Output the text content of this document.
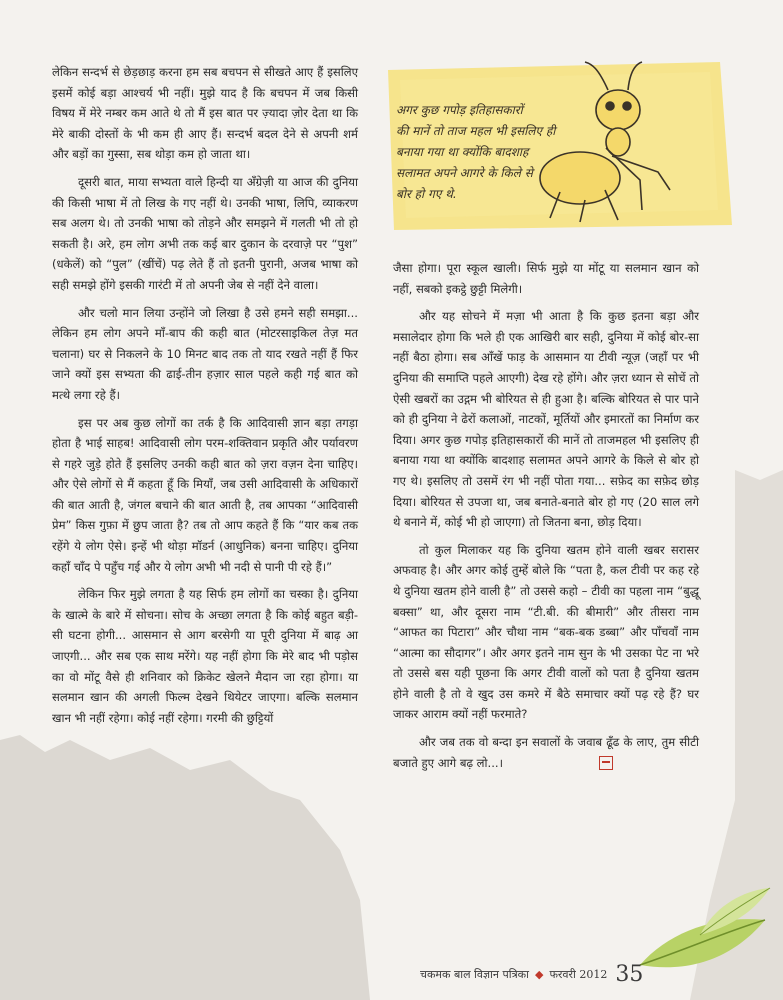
अगर कुछ गपोड़ इतिहासकारों
की मानें तो ताज महल भी इसलिए ही
बनाया गया था क्योंकि बादशाह
सलामत अपने आगरे के किले से
बोर हो गए थे.

लेकिन सन्दर्भ से छेड़छाड़ करना हम सब बचपन से सीखते आए हैं इसलिए इसमें कोई बड़ा आश्चर्य भी नहीं। मुझे याद है कि बचपन में जब किसी विषय में मेरे नम्बर कम आते थे तो मैं इस बात पर ज़्यादा ज़ोर देता था कि मेरे बाकी दोस्तों के भी कम ही आए हैं। सन्दर्भ बदल देने से अपनी शर्म और बड़ों का गुस्सा, सब थोड़ा कम हो जाता था।

दूसरी बात, माया सभ्यता वाले हिन्दी या अँग्रेज़ी या आज की दुनिया की किसी भाषा में तो लिख के गए नहीं थे। उनकी भाषा, लिपि, व्याकरण सब अलग थे। तो उनकी भाषा को तोड़ने और समझने में गलती भी तो हो सकती है। अरे, हम लोग अभी तक कई बार दुकान के दरवाज़े पर “पुश” (धकेलें) को “पुल” (खींचें) पढ़ लेते हैं तो इतनी पुरानी, अजब भाषा को सही समझे होंगे इसकी गारंटी में तो अपनी जेब से नहीं देने वाला।

और चलो मान लिया उन्होंने जो लिखा है उसे हमने सही समझा... लेकिन हम लोग अपने माँ-बाप की कही बात (मोटरसाइकिल तेज़ मत चलाना) घर से निकलने के 10 मिनट बाद तक तो याद रखते नहीं हैं फिर जाने क्यों इस सभ्यता की ढाई-तीन हज़ार साल पहले कही गई बात को मत्थे लगा रहे हैं।

इस पर अब कुछ लोगों का तर्क है कि आदिवासी ज्ञान बड़ा तगड़ा होता है भाई साहब! आदिवासी लोग परम-शक्तिवान प्रकृति और पर्यावरण से गहरे जुड़े होते हैं इसलिए उनकी कही बात को ज़रा वज़न देना चाहिए। और ऐसे लोगों से मैं कहता हूँ कि मियाँ, जब उसी आदिवासी के अधिकारों की बात आती है, जंगल बचाने की बात आती है, तब आपका “आदिवासी प्रेम” किस गुफ़ा में छुप जाता है? तब तो आप कहते हैं कि “यार कब तक रहेंगे ये लोग ऐसे। इन्हें भी थोड़ा मॉडर्न (आधुनिक) बनना चाहिए। दुनिया कहाँ चाँद पे पहुँच गई और ये लोग अभी भी नदी से पानी पी रहे हैं।”

लेकिन फिर मुझे लगता है यह सिर्फ हम लोगों का चस्का है। दुनिया के खात्मे के बारे में सोचना। सोच के अच्छा लगता है कि कोई बहुत बड़ी-सी घटना होगी... आसमान से आग बरसेगी या पूरी दुनिया में बाढ़ आ जाएगी... और सब एक साथ मरेंगे। यह नहीं होगा कि मेरे बाद भी पड़ोस का वो मोंटू वैसे ही शनिवार को क्रिकेट खेलने मैदान जा रहा होगा। या सलमान खान की अगली फिल्म देखने थियेटर जाएगा। बल्कि सलमान खान भी नहीं रहेगा। कोई नहीं रहेगा। गरमी की छुट्टियों

जैसा होगा। पूरा स्कूल खाली। सिर्फ मुझे या मोंटू या सलमान खान को नहीं, सबको इकट्ठे छुट्टी मिलेगी।

और यह सोचने में मज़ा भी आता है कि कुछ इतना बड़ा और मसालेदार होगा कि भले ही एक आखिरी बार सही, दुनिया में कोई बोर-सा नहीं बैठा होगा। सब आँखें फाड़ के आसमान या टीवी न्यूज़ (जहाँ पर भी दुनिया की समाप्ति पहले आएगी) देख रहे होंगे। और ज़रा ध्यान से सोचें तो ऐसी खबरों का उद्गम भी बोरियत से ही हुआ है। बल्कि बोरियत से पार पाने को ही दुनिया ने ढेरों कलाओं, नाटकों, मूर्तियों और इमारतों का निर्माण कर दिया। अगर कुछ गपोड़ इतिहासकारों की मानें तो ताजमहल भी इसलिए ही बनाया गया था क्योंकि बादशाह सलामत अपने आगरे के किले से बोर हो गए थे। इसलिए तो उसमें रंग भी नहीं पोता गया... सफ़ेद का सफ़ेद छोड़ दिया। बोरियत से उपजा था, जब बनाते-बनाते बोर हो गए (20 साल लगे थे बनाने में, कोई भी हो जाएगा) तो जितना बना, छोड़ दिया।

तो कुल मिलाकर यह कि दुनिया खतम होने वाली खबर सरासर अफवाह है। और अगर कोई तुम्हें बोले कि “पता है, कल टीवी पर कह रहे थे दुनिया खतम होने वाली है” तो उससे कहो – टीवी का पहला नाम “बुद्धू बक्सा” था, और दूसरा नाम “टी.बी. की बीमारी” और तीसरा नाम “आफत का पिटारा” और चौथा नाम “बक-बक डब्बा” और पाँचवाँ नाम “आत्मा का सौदागर”। और अगर इतने नाम सुन के भी उसका पेट ना भरे तो उससे बस यही पूछना कि अगर टीवी वालों को पता है दुनिया खतम होने वाली है तो वे खुद उस कमरे में बैठे समाचार क्यों पढ़ रहे हैं? घर जाकर आराम क्यों नहीं फरमाते?

और जब तक वो बन्दा इन सवालों के जवाब ढूँढ के लाए, तुम सीटी बजाते हुए आगे बढ़ लो...।

चकमक बाल विज्ञान पत्रिका ◆ फरवरी 2012 35
